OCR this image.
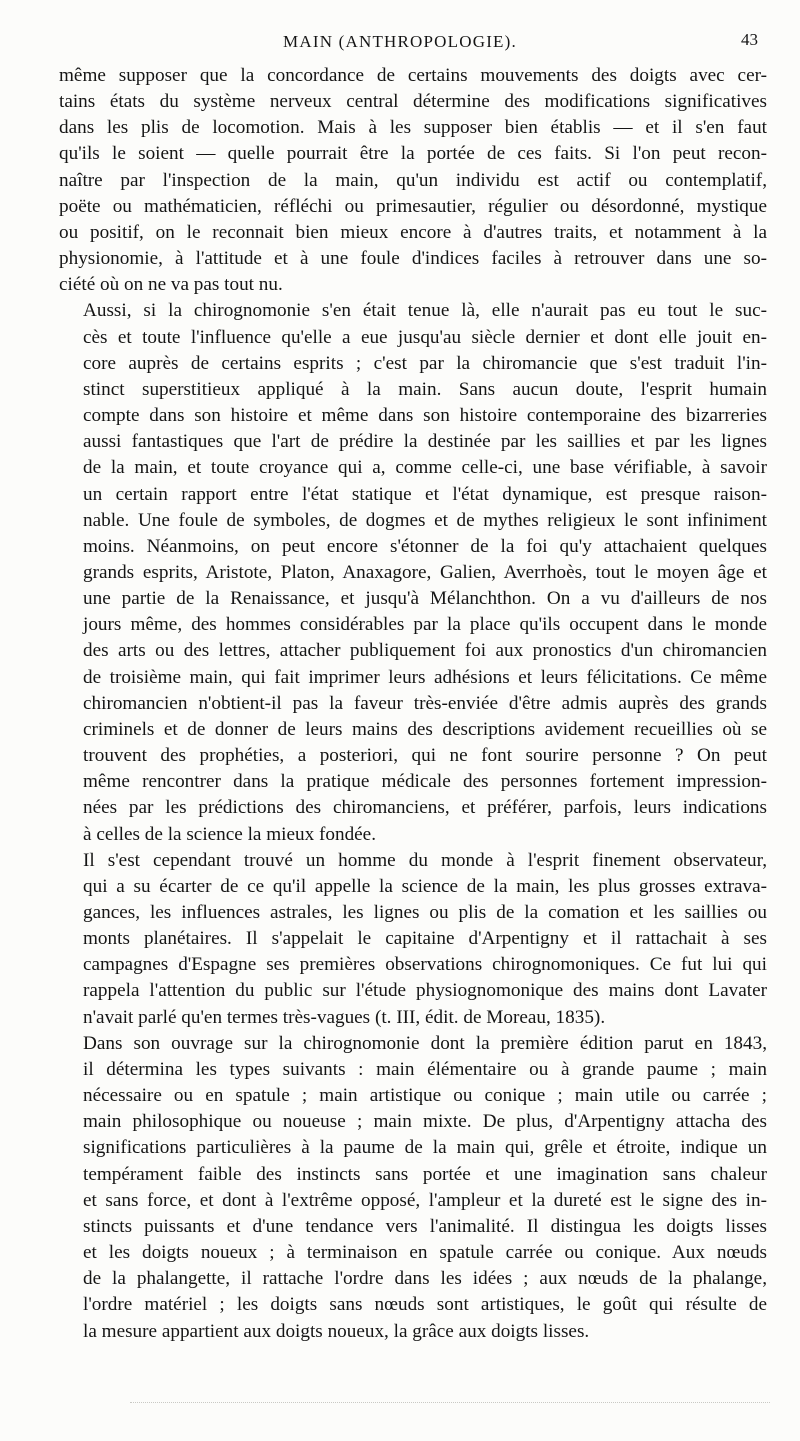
MAIN (ANTHROPOLOGIE).	43

même supposer que la concordance de certains mouvements des doigts avec cer-
tains états du système nerveux central détermine des modifications significatives
dans les plis de locomotion. Mais à les supposer bien établis — et il s'en faut
qu'ils le soient — quelle pourrait être la portée de ces faits. Si l'on peut recon-
naître par l'inspection de la main, qu'un individu est actif ou contemplatif,
poëte ou mathématicien, réfléchi ou primesautier, régulier ou désordonné, mystique
ou positif, on le reconnait bien mieux encore à d'autres traits, et notamment à la
physionomie, à l'attitude et à une foule d'indices faciles à retrouver dans une so-
ciété où on ne va pas tout nu.

Aussi, si la chirognomonie s'en était tenue là, elle n'aurait pas eu tout le suc-
cès et toute l'influence qu'elle a eue jusqu'au siècle dernier et dont elle jouit en-
core auprès de certains esprits ; c'est par la chiromancie que s'est traduit l'in-
stinct superstitieux appliqué à la main. Sans aucun doute, l'esprit humain
compte dans son histoire et même dans son histoire contemporaine des bizarreries
aussi fantastiques que l'art de prédire la destinée par les saillies et par les lignes
de la main, et toute croyance qui a, comme celle-ci, une base vérifiable, à savoir
un certain rapport entre l'état statique et l'état dynamique, est presque raison-
nable. Une foule de symboles, de dogmes et de mythes religieux le sont infiniment
moins. Néanmoins, on peut encore s'étonner de la foi qu'y attachaient quelques
grands esprits, Aristote, Platon, Anaxagore, Galien, Averrhoès, tout le moyen âge et
une partie de la Renaissance, et jusqu'à Mélanchthon. On a vu d'ailleurs de nos
jours même, des hommes considérables par la place qu'ils occupent dans le monde
des arts ou des lettres, attacher publiquement foi aux pronostics d'un chiromancien
de troisième main, qui fait imprimer leurs adhésions et leurs félicitations. Ce même
chiromancien n'obtient-il pas la faveur très-enviée d'être admis auprès des grands
criminels et de donner de leurs mains des descriptions avidement recueillies où se
trouvent des prophéties, a posteriori, qui ne font sourire personne ? On peut
même rencontrer dans la pratique médicale des personnes fortement impression-
nées par les prédictions des chiromanciens, et préférer, parfois, leurs indications
à celles de la science la mieux fondée.

Il s'est cependant trouvé un homme du monde à l'esprit finement observateur,
qui a su écarter de ce qu'il appelle la science de la main, les plus grosses extrava-
gances, les influences astrales, les lignes ou plis de la comation et les saillies ou
monts planétaires. Il s'appelait le capitaine d'Arpentigny et il rattachait à ses
campagnes d'Espagne ses premières observations chirognomoniques. Ce fut lui qui
rappela l'attention du public sur l'étude physiognomonique des mains dont Lavater
n'avait parlé qu'en termes très-vagues (t. III, édit. de Moreau, 1835).

Dans son ouvrage sur la chirognomonie dont la première édition parut en 1843,
il détermina les types suivants : main élémentaire ou à grande paume ; main
nécessaire ou en spatule ; main artistique ou conique ; main utile ou carrée ;
main philosophique ou noueuse ; main mixte. De plus, d'Arpentigny attacha des
significations particulières à la paume de la main qui, grêle et étroite, indique un
tempérament faible des instincts sans portée et une imagination sans chaleur
et sans force, et dont à l'extrême opposé, l'ampleur et la dureté est le signe des in-
stincts puissants et d'une tendance vers l'animalité. Il distingua les doigts lisses
et les doigts noueux ; à terminaison en spatule carrée ou conique. Aux nœuds
de la phalangette, il rattache l'ordre dans les idées ; aux nœuds de la phalange,
l'ordre matériel ; les doigts sans nœuds sont artistiques, le goût qui résulte de
la mesure appartient aux doigts noueux, la grâce aux doigts lisses.
